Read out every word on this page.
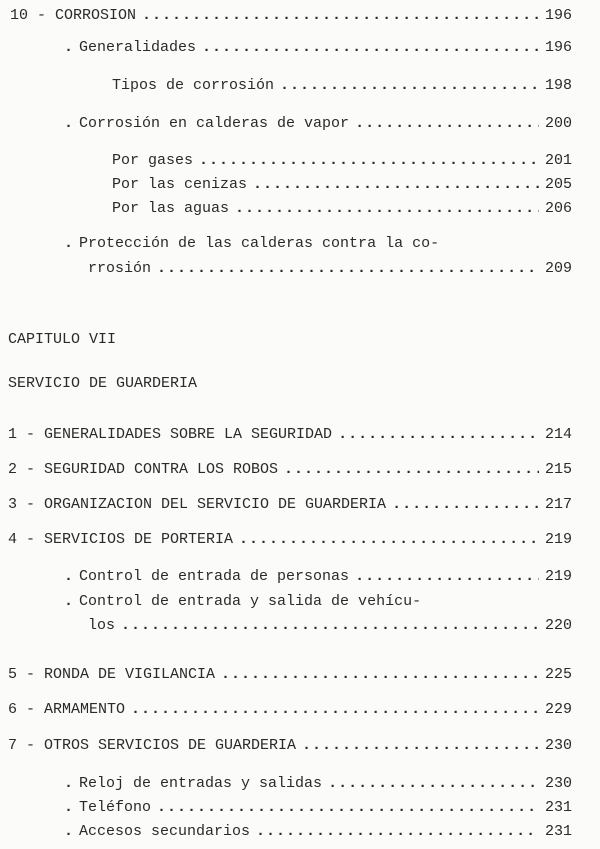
10 - CORROSION .....	196
. Generalidades .....	196
Tipos de corrosión .....	198
. Corrosión en calderas de vapor .....	200
Por gases .....	201
Por las cenizas .....	205
Por las aguas .....	206
. Protección de las calderas contra la co-
rrosión .....	209
CAPITULO VII
SERVICIO DE GUARDERIA
1 - GENERALIDADES SOBRE LA SEGURIDAD .....	214
2 - SEGURIDAD CONTRA LOS ROBOS .....	215
3 - ORGANIZACION DEL SERVICIO DE GUARDERIA .....	217
4 - SERVICIOS DE PORTERIA .....	219
. Control de entrada de personas .....	219
. Control de entrada y salida de vehícu-
los .....	220
5 - RONDA DE VIGILANCIA .....	225
6 - ARMAMENTO .....	229
7 - OTROS SERVICIOS DE GUARDERIA .....	230
. Reloj de entradas y salidas .....	230
. Teléfono .....	231
. Accesos secundarios .....	231
